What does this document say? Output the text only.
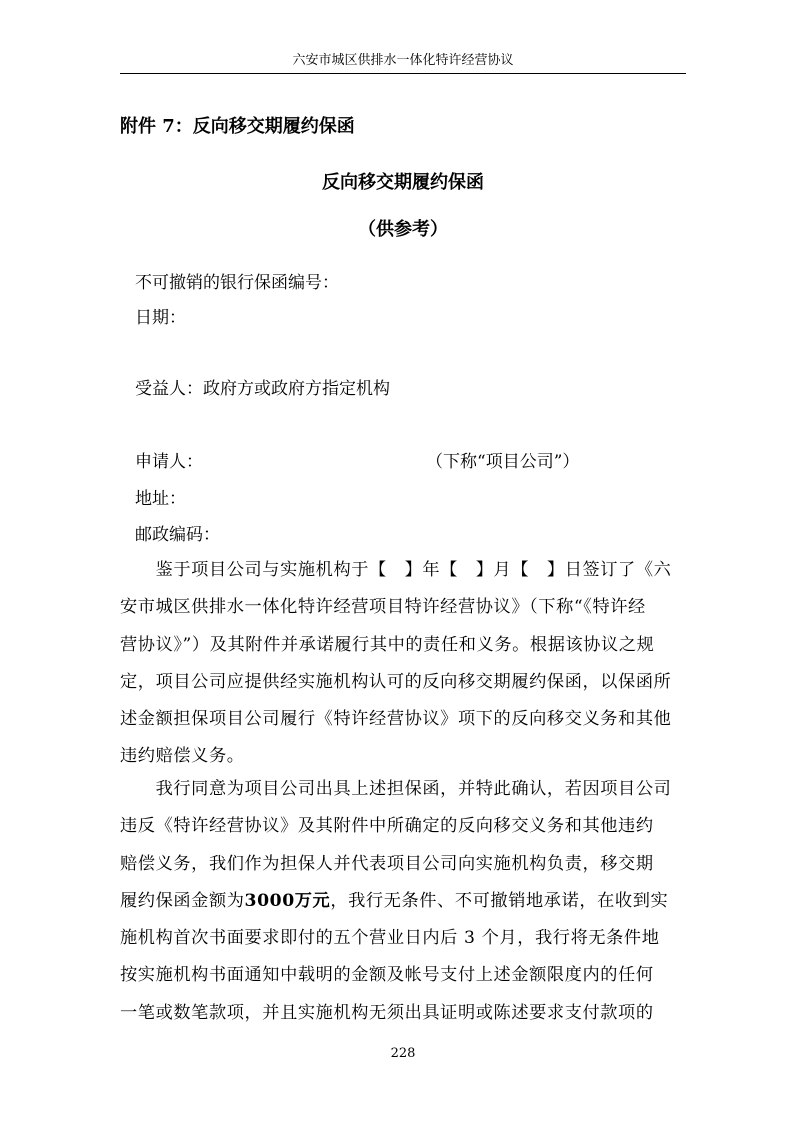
六安市城区供排水一体化特许经营协议
附件 7：反向移交期履约保函
反向移交期履约保函
（供参考）
不可撤销的银行保函编号：
日期：
受益人：政府方或政府方指定机构
申请人：	（下称“项目公司”）
地址：
邮政编码：
　　鉴于项目公司与实施机构于【　】年【　】月【　】日签订了《六
安市城区供排水一体化特许经营项目特许经营协议》（下称“《特许经
营协议》”）及其附件并承诺履行其中的责任和义务。根据该协议之规
定，项目公司应提供经实施机构认可的反向移交期履约保函，以保函所
述金额担保项目公司履行《特许经营协议》项下的反向移交义务和其他
违约赔偿义务。
　　我行同意为项目公司出具上述担保函，并特此确认，若因项目公司
违反《特许经营协议》及其附件中所确定的反向移交义务和其他违约
赔偿义务，我们作为担保人并代表项目公司向实施机构负责，移交期
履约保函金额为3000万元，我行无条件、不可撤销地承诺，在收到实
施机构首次书面要求即付的五个营业日内后 3 个月，我行将无条件地
按实施机构书面通知中载明的金额及帐号支付上述金额限度内的任何
一笔或数笔款项，并且实施机构无须出具证明或陈述要求支付款项的
228
